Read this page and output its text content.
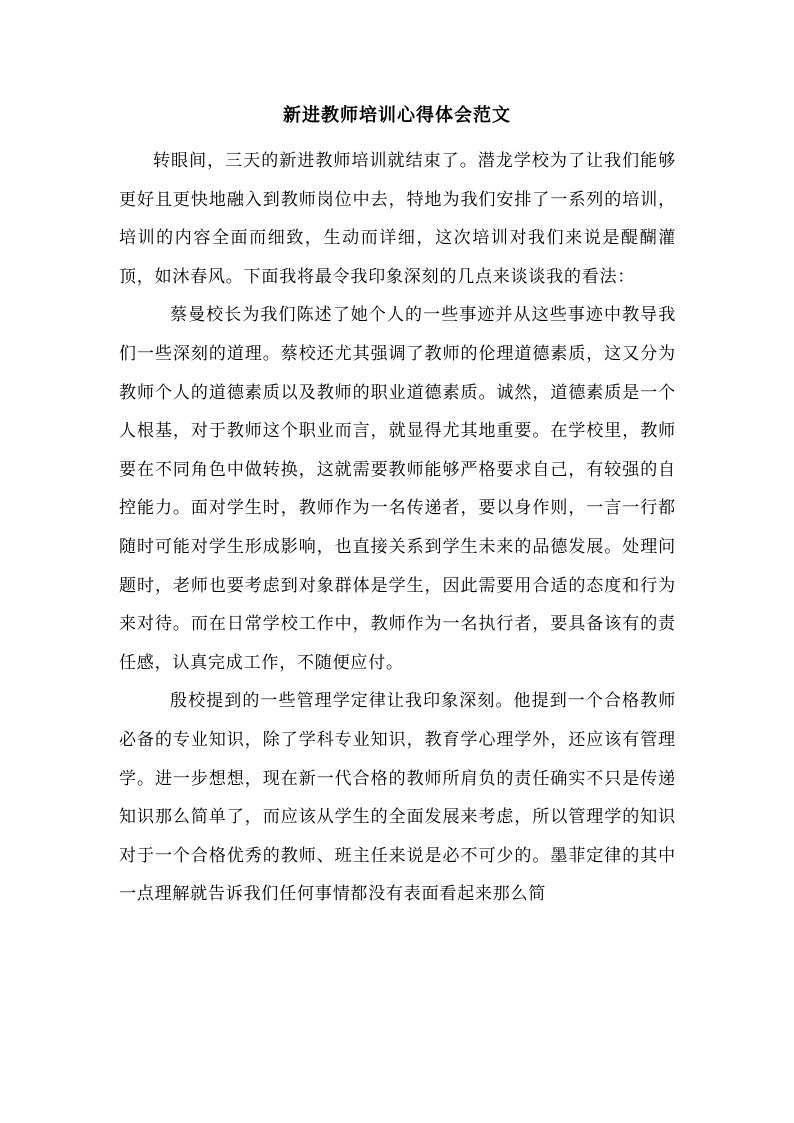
新进教师培训心得体会范文

转眼间，三天的新进教师培训就结束了。潜龙学校为了让我们能够更好且更快地融入到教师岗位中去，特地为我们安排了一系列的培训，培训的内容全面而细致，生动而详细，这次培训对我们来说是醍醐灌顶，如沐春风。下面我将最令我印象深刻的几点来谈谈我的看法：

蔡曼校长为我们陈述了她个人的一些事迹并从这些事迹中教导我们一些深刻的道理。蔡校还尤其强调了教师的伦理道德素质，这又分为教师个人的道德素质以及教师的职业道德素质。诚然，道德素质是一个人根基，对于教师这个职业而言，就显得尤其地重要。在学校里，教师要在不同角色中做转换，这就需要教师能够严格要求自己，有较强的自控能力。面对学生时，教师作为一名传递者，要以身作则，一言一行都随时可能对学生形成影响，也直接关系到学生未来的品德发展。处理问题时，老师也要考虑到对象群体是学生，因此需要用合适的态度和行为来对待。而在日常学校工作中，教师作为一名执行者，要具备该有的责任感，认真完成工作，不随便应付。

殷校提到的一些管理学定律让我印象深刻。他提到一个合格教师必备的专业知识，除了学科专业知识，教育学心理学外，还应该有管理学。进一步想想，现在新一代合格的教师所肩负的责任确实不只是传递知识那么简单了，而应该从学生的全面发展来考虑，所以管理学的知识对于一个合格优秀的教师、班主任来说是必不可少的。墨菲定律的其中一点理解就告诉我们任何事情都没有表面看起来那么简
